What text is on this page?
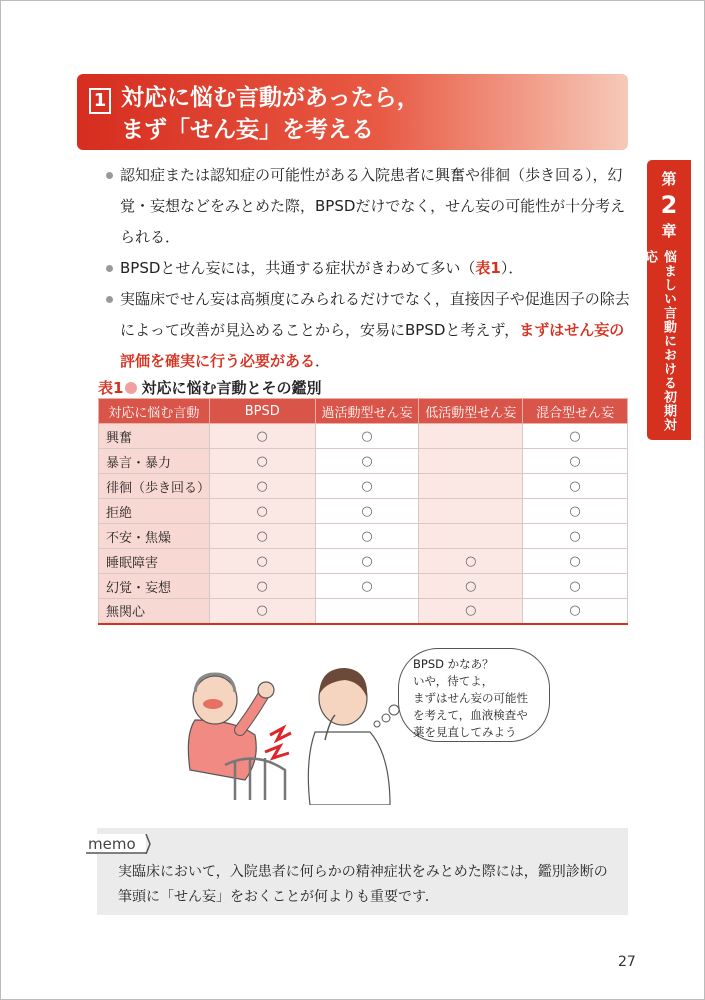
1 対応に悩む言動があったら，
まず「せん妄」を考える
第
2
章
悩ましい言動における初期対応
認知症または認知症の可能性がある入院患者に興奮や徘徊（歩き回る），幻覚・妄想などをみとめた際，BPSDだけでなく，せん妄の可能性が十分考えられる．
BPSDとせん妄には，共通する症状がきわめて多い（表1）．
実臨床でせん妄は高頻度にみられるだけでなく，直接因子や促進因子の除去によって改善が見込めることから，安易にBPSDと考えず，まずはせん妄の評価を確実に行う必要がある．
表1 対応に悩む言動とその鑑別
対応に悩む言動	BPSD	過活動型せん妄	低活動型せん妄	混合型せん妄
興奮	○	○		○
暴言・暴力	○	○		○
徘徊（歩き回る）	○	○		○
拒絶	○	○		○
不安・焦燥	○	○		○
睡眠障害	○	○	○	○
幻覚・妄想	○	○	○	○
無関心	○		○	○
BPSD かなあ？
いや，待てよ，
まずはせん妄の可能性
を考えて，血液検査や
薬を見直してみよう
memo
実臨床において，入院患者に何らかの精神症状をみとめた際には，鑑別診断の
筆頭に「せん妄」をおくことが何よりも重要です．
27
